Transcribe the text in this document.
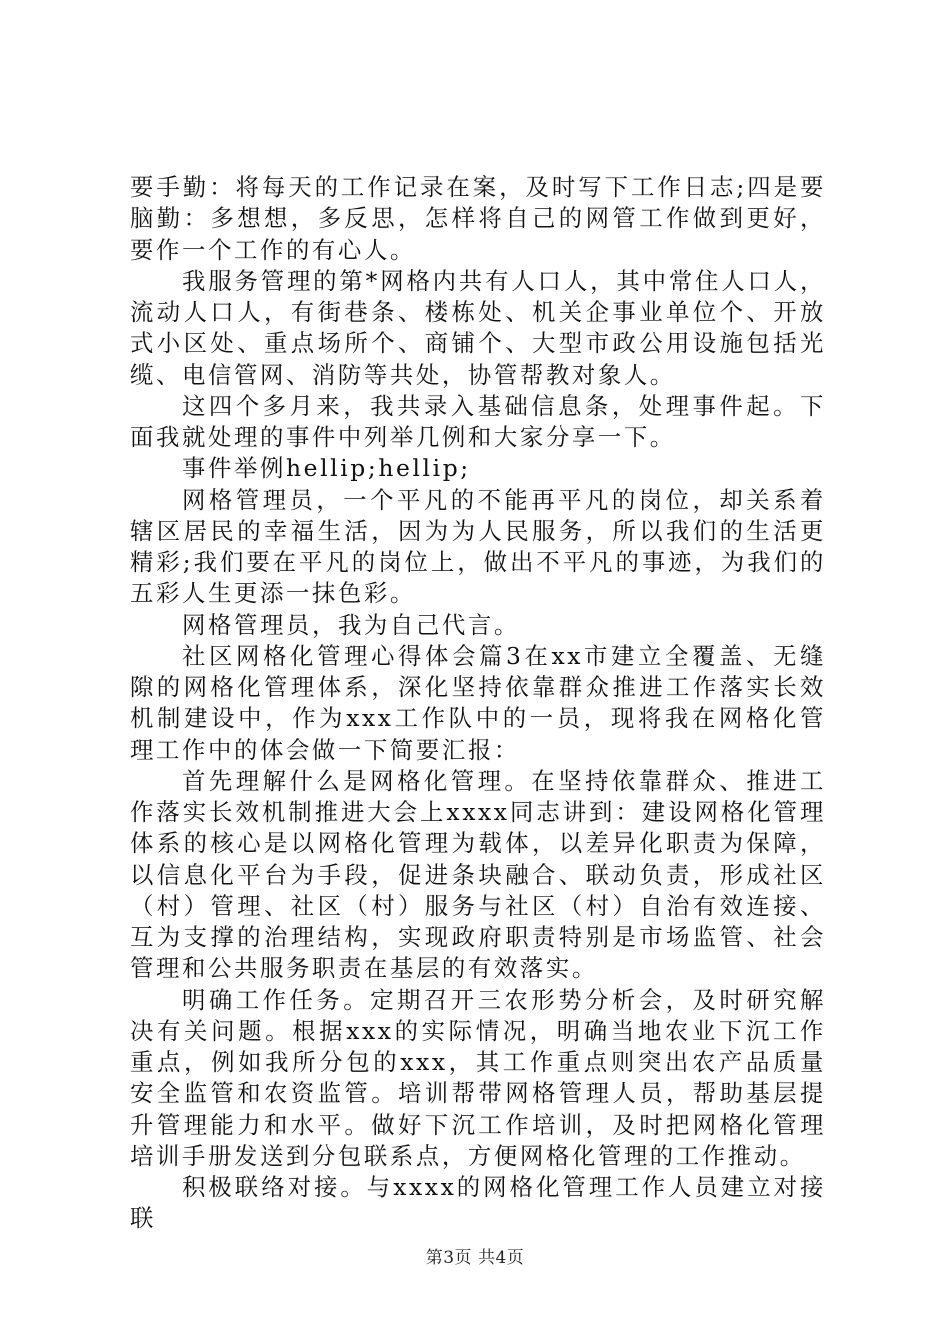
要手勤：将每天的工作记录在案，及时写下工作日志;四是要脑勤：多想想，多反思，怎样将自己的网管工作做到更好，要作一个工作的有心人。

我服务管理的第*网格内共有人口人，其中常住人口人，流动人口人，有街巷条、楼栋处、机关企事业单位个、开放式小区处、重点场所个、商铺个、大型市政公用设施包括光缆、电信管网、消防等共处，协管帮教对象人。

这四个多月来，我共录入基础信息条，处理事件起。下面我就处理的事件中列举几例和大家分享一下。

事件举例hellip;hellip;

网格管理员，一个平凡的不能再平凡的岗位，却关系着辖区居民的幸福生活，因为为人民服务，所以我们的生活更精彩;我们要在平凡的岗位上，做出不平凡的事迹，为我们的五彩人生更添一抹色彩。

网格管理员，我为自己代言。

社区网格化管理心得体会篇3在xx市建立全覆盖、无缝隙的网格化管理体系，深化坚持依靠群众推进工作落实长效机制建设中，作为xxx工作队中的一员，现将我在网格化管理工作中的体会做一下简要汇报：

首先理解什么是网格化管理。在坚持依靠群众、推进工作落实长效机制推进大会上xxxx同志讲到：建设网格化管理体系的核心是以网格化管理为载体，以差异化职责为保障，以信息化平台为手段，促进条块融合、联动负责，形成社区（村）管理、社区（村）服务与社区（村）自治有效连接、互为支撑的治理结构，实现政府职责特别是市场监管、社会管理和公共服务职责在基层的有效落实。

明确工作任务。定期召开三农形势分析会，及时研究解决有关问题。根据xxx的实际情况，明确当地农业下沉工作重点，例如我所分包的xxx，其工作重点则突出农产品质量安全监管和农资监管。培训帮带网格管理人员，帮助基层提升管理能力和水平。做好下沉工作培训，及时把网格化管理培训手册发送到分包联系点，方便网格化管理的工作推动。

积极联络对接。与xxxx的网格化管理工作人员建立对接联

第3页 共4页
